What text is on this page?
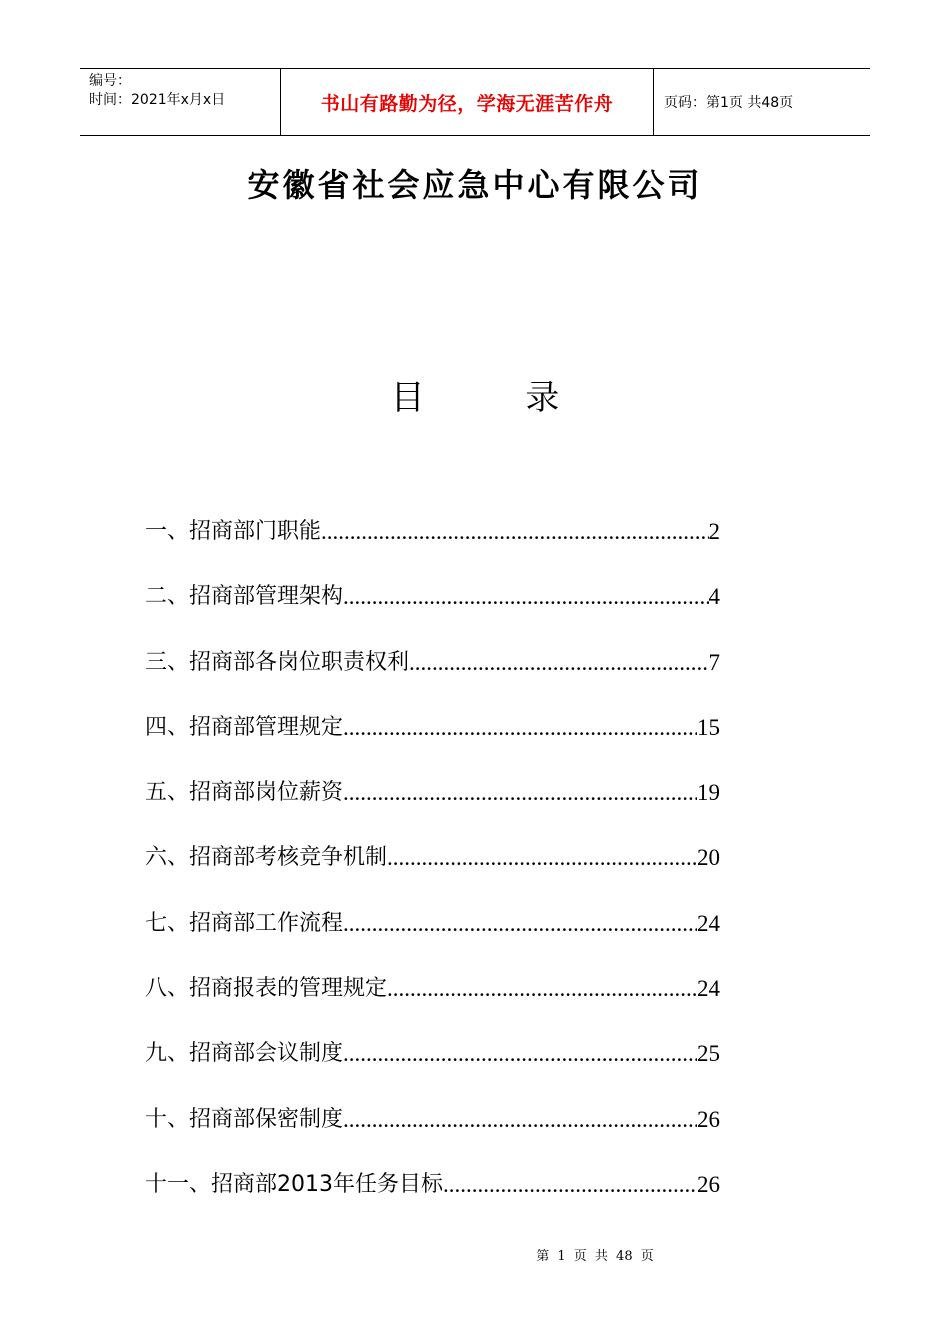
编号：
时间：2021年x月x日	书山有路勤为径，学海无涯苦作舟	页码：第1页 共48页
安徽省社会应急中心有限公司
目 录
一、招商部门职能 .....	2
二、招商部管理架构 .....	4
三、招商部各岗位职责权利 .....	7
四、招商部管理规定 .....	15
五、招商部岗位薪资 .....	19
六、招商部考核竞争机制 .....	20
七、招商部工作流程 .....	24
八、招商报表的管理规定 .....	24
九、招商部会议制度 .....	25
十、招商部保密制度 .....	26
十一、招商部2013年任务目标 .....	26
第 1 页 共 48 页
